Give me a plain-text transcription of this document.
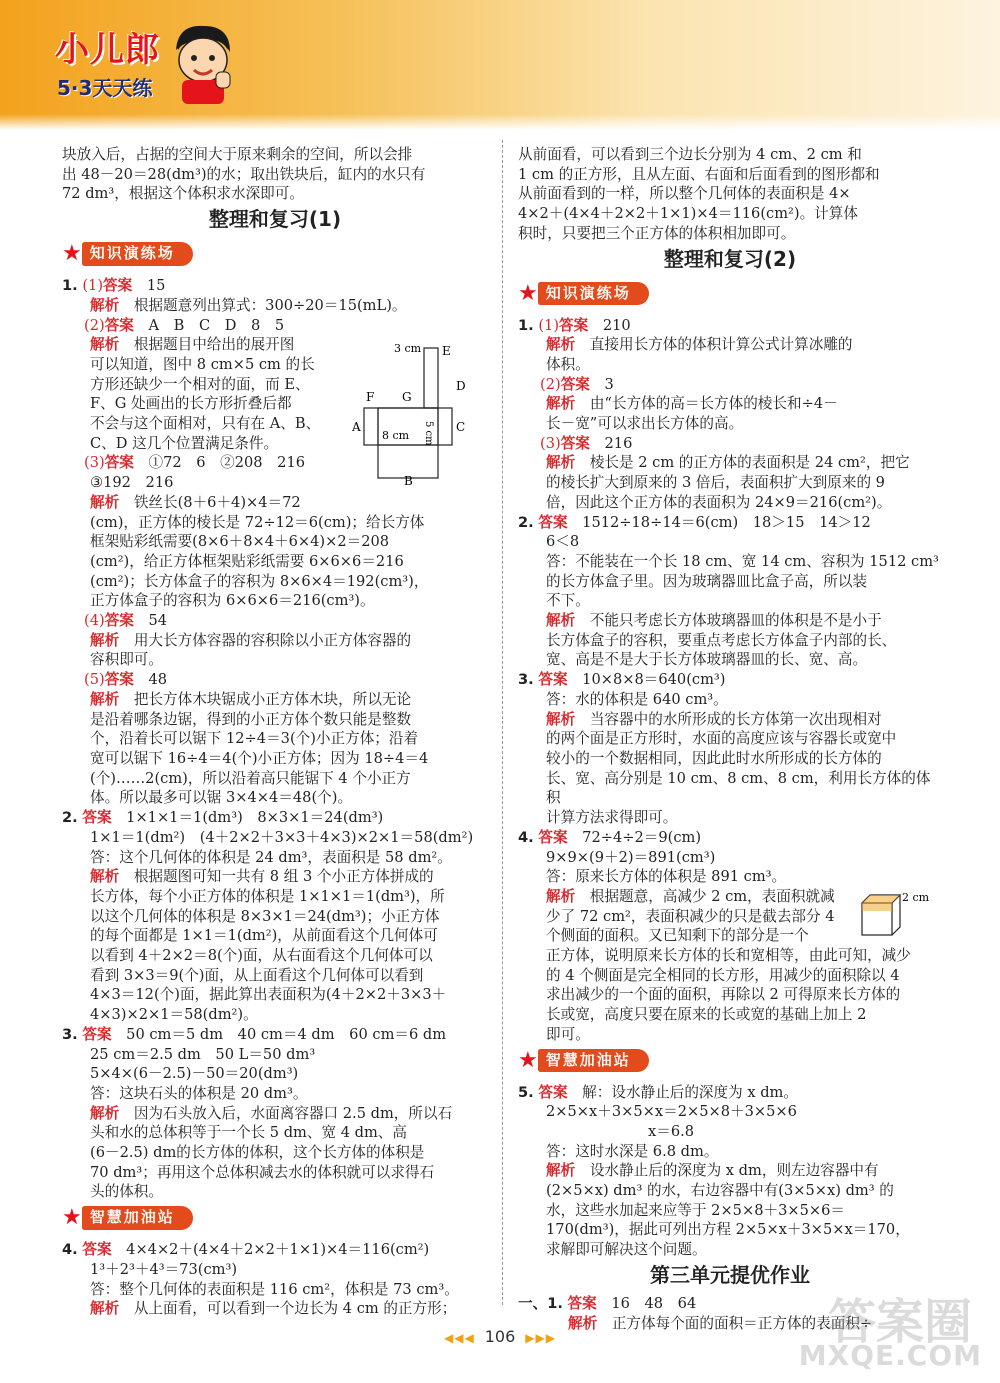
小儿郎
5·3天天练

块放入后，占据的空间大于原来剩余的空间，所以会排

出 48－20＝28(dm³)的水；取出铁块后，缸内的水只有

72 dm³，根据这个体积求水深即可。

整理和复习(1)

★ 知识演练场

1. (1)答案　 15

解析　 根据题意列出算式：300÷20＝15(mL)。

(2)答案　 A　B　C　D　8　5

3 cm E
D
F G
A	C
8 cm 5 cm
B

解析　 根据题目中给出的展开图

可以知道，图中 8 cm×5 cm 的长

方形还缺少一个相对的面，而 E、

F、G 处画出的长方形折叠后都

不会与这个面相对，只有在 A、B、

C、D 这几个位置满足条件。

(3)答案　 ①72　6　②208　216

③192　216

解析　 铁丝长(8＋6＋4)×4＝72

(cm)，正方体的棱长是 72÷12＝6(cm)；给长方体

框架贴彩纸需要(8×6＋8×4＋6×4)×2＝208

(cm²)，给正方体框架贴彩纸需要 6×6×6＝216

(cm²)；长方体盒子的容积为 8×6×4＝192(cm³)，

正方体盒子的容积为 6×6×6＝216(cm³)。

(4)答案　 54

解析　 用大长方体容器的容积除以小正方体容器的

容积即可。

(5)答案　 48

解析　 把长方体木块锯成小正方体木块，所以无论

是沿着哪条边锯，得到的小正方体个数只能是整数

个，沿着长可以锯下 12÷4＝3(个)小正方体；沿着

宽可以锯下 16÷4＝4(个)小正方体；因为 18÷4＝4

(个)……2(cm)，所以沿着高只能锯下 4 个小正方

体。所以最多可以锯 3×4×4＝48(个)。

2. 答案　 1×1×1＝1(dm³)　8×3×1＝24(dm³)

1×1＝1(dm²)　(4＋2×2＋3×3＋4×3)×2×1＝58(dm²)

答：这个几何体的体积是 24 dm³，表面积是 58 dm²。

解析　 根据题图可知一共有 8 组 3 个小正方体拼成的

长方体，每个小正方体的体积是 1×1×1＝1(dm³)，所

以这个几何体的体积是 8×3×1＝24(dm³)；小正方体

的每个面都是 1×1＝1(dm²)，从前面看这个几何体可

以看到 4＋2×2＝8(个)面，从右面看这个几何体可以

看到 3×3＝9(个)面，从上面看这个几何体可以看到

4×3＝12(个)面，据此算出表面积为(4＋2×2＋3×3＋

4×3)×2×1＝58(dm²)。

3. 答案　 50 cm＝5 dm　40 cm＝4 dm　60 cm＝6 dm

25 cm＝2.5 dm　50 L＝50 dm³

5×4×(6－2.5)－50＝20(dm³)

答：这块石头的体积是 20 dm³。

解析　 因为石头放入后，水面离容器口 2.5 dm，所以石

头和水的总体积等于一个长 5 dm、宽 4 dm、高

(6－2.5) dm的长方体的体积，这个长方体的体积是

70 dm³；再用这个总体积减去水的体积就可以求得石

头的体积。

★ 智慧加油站

4. 答案　 4×4×2＋(4×4＋2×2＋1×1)×4＝116(cm²)

1³＋2³＋4³＝73(cm³)

答：整个几何体的表面积是 116 cm²，体积是 73 cm³。

解析　 从上面看，可以看到一个边长为 4 cm 的正方形；

从前面看，可以看到三个边长分别为 4 cm、2 cm 和

1 cm 的正方形，且从左面、右面和后面看到的图形都和

从前面看到的一样，所以整个几何体的表面积是 4×

4×2＋(4×4＋2×2＋1×1)×4＝116(cm²)。计算体

积时，只要把三个正方体的体积相加即可。

整理和复习(2)

★ 知识演练场

1. (1)答案　 210

解析　 直接用长方体的体积计算公式计算冰雕的

体积。

(2)答案　 3

解析　 由“长方体的高＝长方体的棱长和÷4－

长－宽”可以求出长方体的高。

(3)答案　 216

解析　 棱长是 2 cm 的正方体的表面积是 24 cm²，把它

的棱长扩大到原来的 3 倍后，表面积扩大到原来的 9

倍，因此这个正方体的表面积为 24×9＝216(cm²)。

2. 答案　 1512÷18÷14＝6(cm)　18＞15　14＞12

6＜8

答：不能装在一个长 18 cm、宽 14 cm、容积为 1512 cm³

的长方体盒子里。因为玻璃器皿比盒子高，所以装

不下。

解析　 不能只考虑长方体玻璃器皿的体积是不是小于

长方体盒子的容积，要重点考虑长方体盒子内部的长、

宽、高是不是大于长方体玻璃器皿的长、宽、高。

3. 答案　 10×8×8＝640(cm³)

答：水的体积是 640 cm³。

解析　 当容器中的水所形成的长方体第一次出现相对

的两个面是正方形时，水面的高度应该与容器长或宽中

较小的一个数据相同，因此此时水所形成的长方体的

长、宽、高分别是 10 cm、8 cm、8 cm，利用长方体的体积

计算方法求得即可。

4. 答案　 72÷4÷2＝9(cm)

9×9×(9＋2)＝891(cm³)

答：原来长方体的体积是 891 cm³。

2 cm

解析　 根据题意，高减少 2 cm，表面积就减

少了 72 cm²，表面积减少的只是截去部分 4

个侧面的面积。又已知剩下的部分是一个

正方体，说明原来长方体的长和宽相等，由此可知，减少

的 4 个侧面是完全相同的长方形，用减少的面积除以 4

求出减少的一个面的面积，再除以 2 可得原来长方体的

长或宽，高度只要在原来的长或宽的基础上加上 2

即可。

★ 智慧加油站

5. 答案　 解：设水静止后的深度为 x dm。

2×5×x＋3×5×x＝2×5×8＋3×5×6

x＝6.8

答：这时水深是 6.8 dm。

解析　 设水静止后的深度为 x dm，则左边容器中有

(2×5×x) dm³ 的水，右边容器中有(3×5×x) dm³ 的

水，这些水加起来应等于 2×5×8＋3×5×6＝

170(dm³)，据此可列出方程 2×5×x＋3×5×x＝170，

求解即可解决这个问题。

第三单元提优作业

一、1. 答案　 16　48　64

解析　 正方体每个面的面积＝正方体的表面积÷

◀◀◀ 106 ▶▶▶	答案圈
MXQE.COM
